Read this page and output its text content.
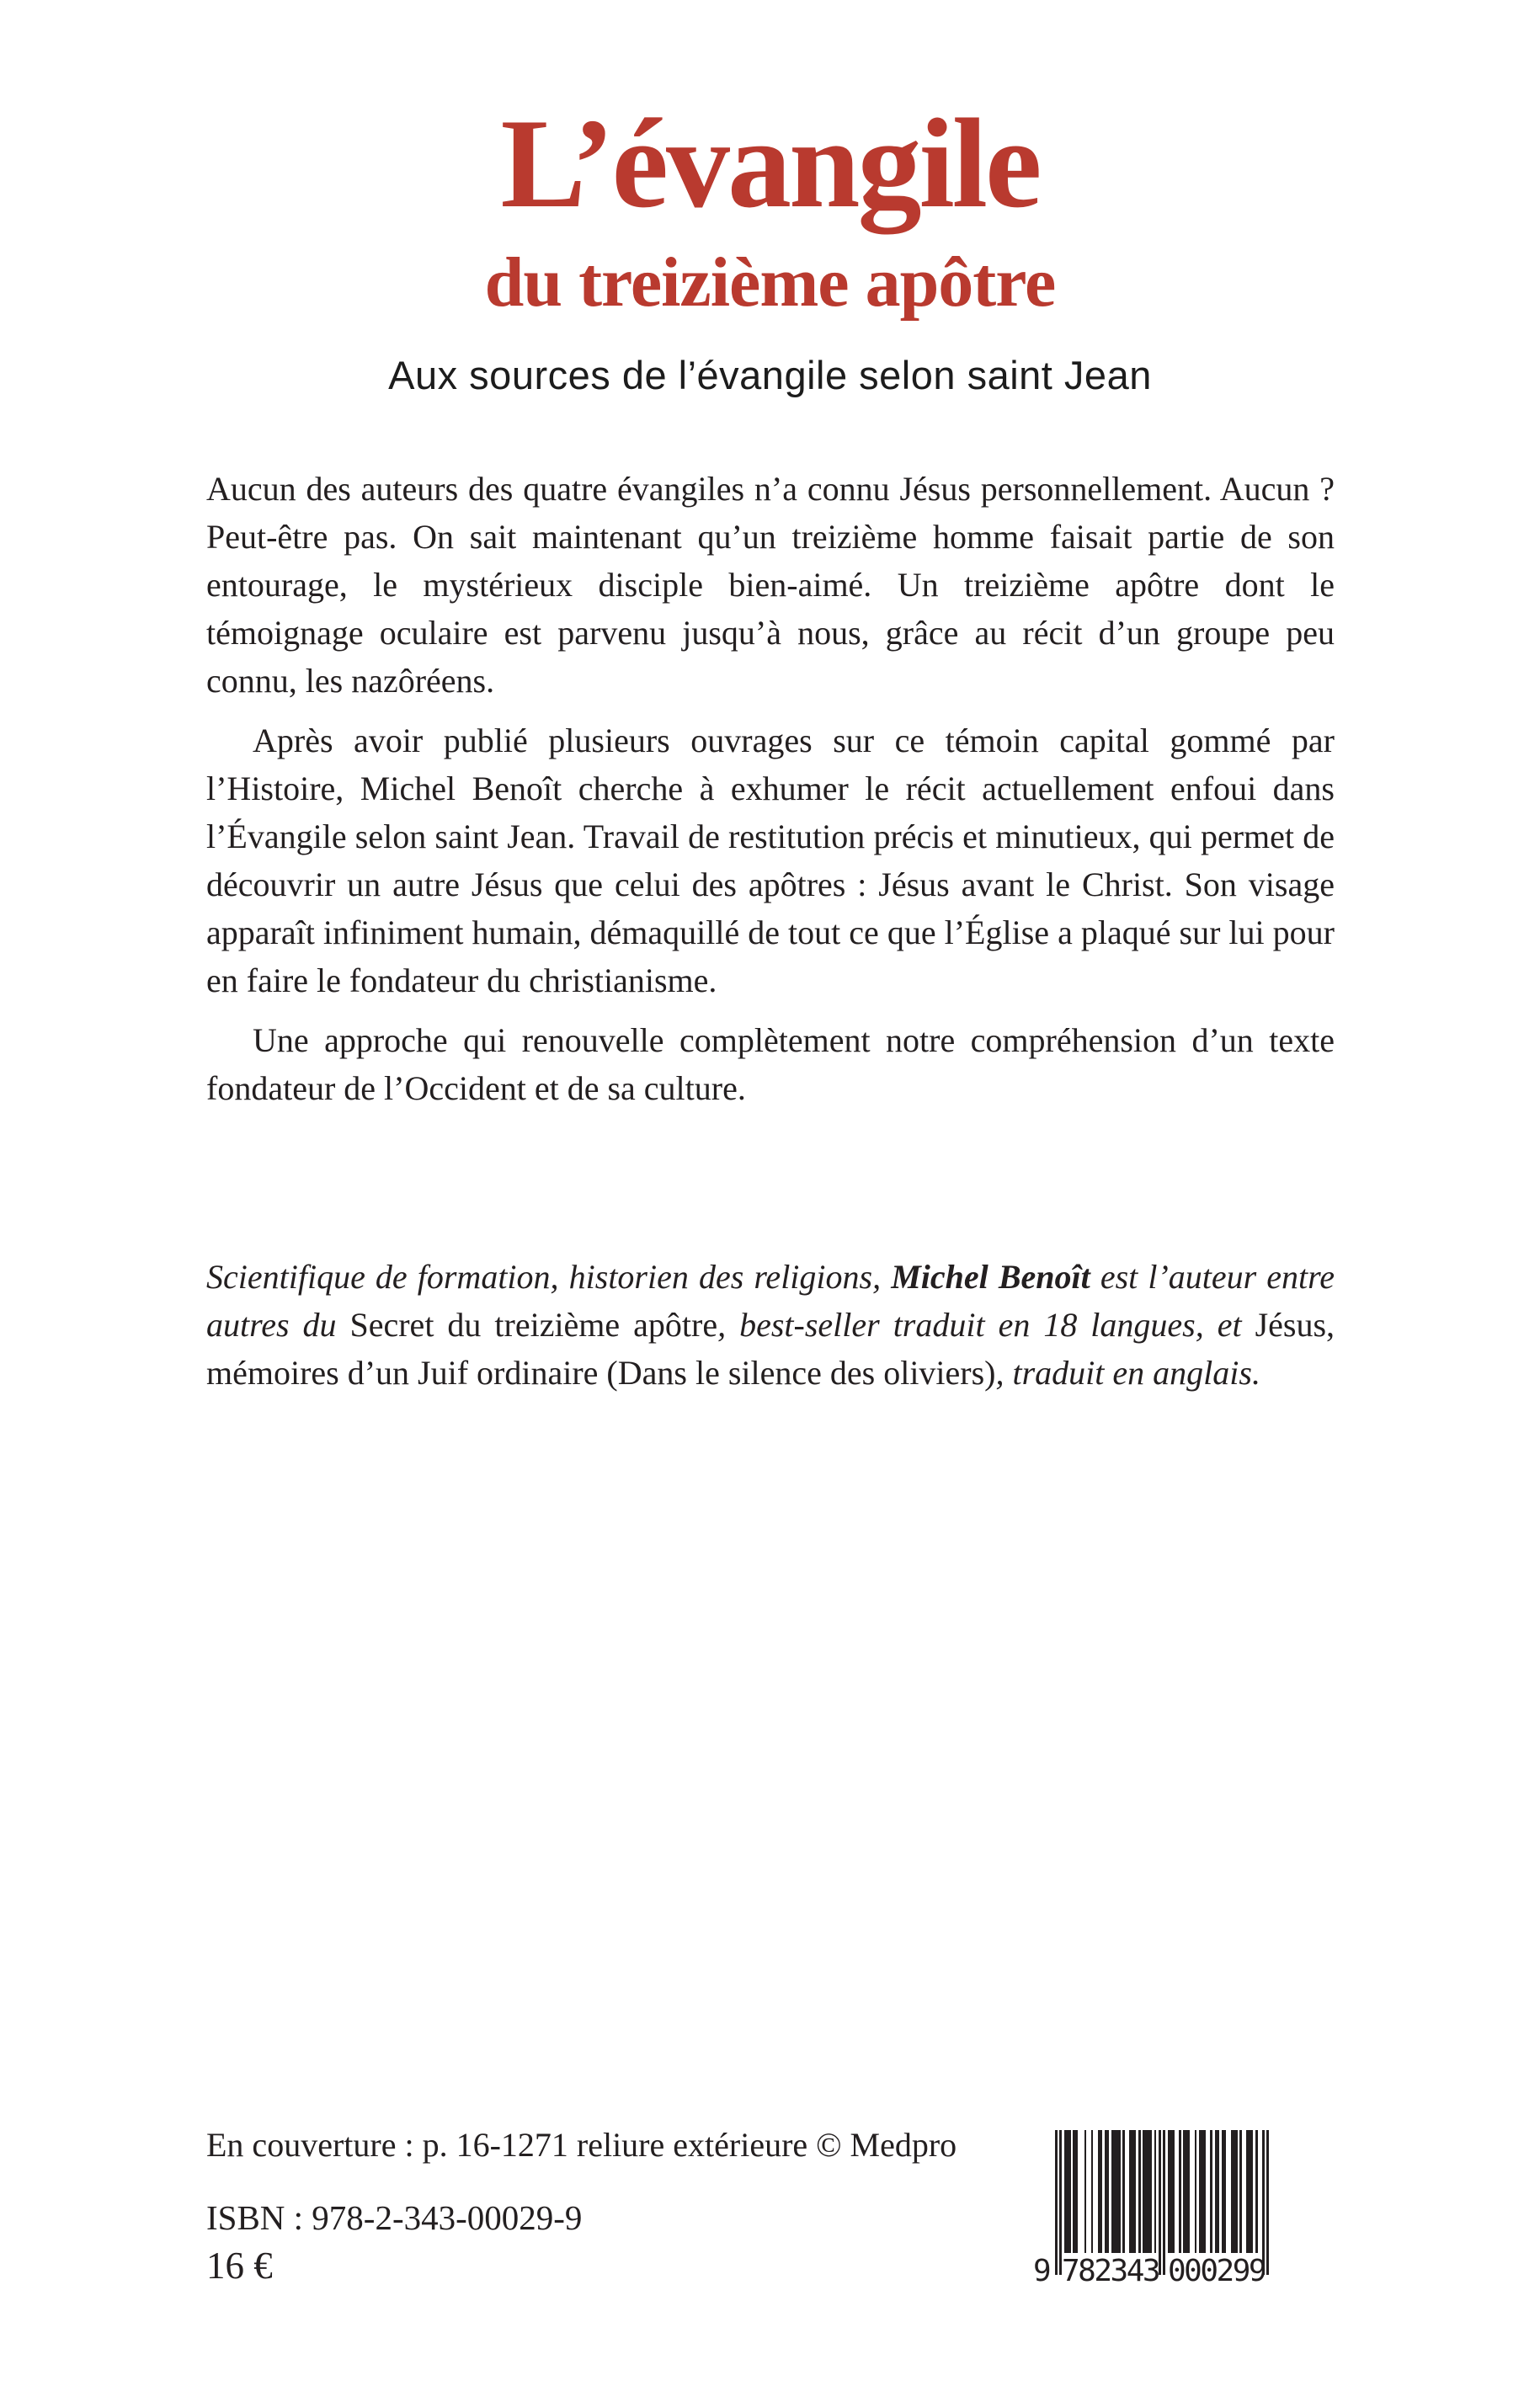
L’évangile
du treizième apôtre
Aux sources de l’évangile selon saint Jean

Aucun des auteurs des quatre évangiles n’a connu Jésus personnellement. Aucun ? Peut-être pas. On sait maintenant qu’un treizième homme faisait partie de son entourage, le mystérieux disciple bien-aimé. Un treizième apôtre dont le témoignage oculaire est parvenu jusqu’à nous, grâce au récit d’un groupe peu connu, les nazôréens.

Après avoir publié plusieurs ouvrages sur ce témoin capital gommé par l’Histoire, Michel Benoît cherche à exhumer le récit actuellement enfoui dans l’Évangile selon saint Jean. Travail de restitution précis et minutieux, qui permet de découvrir un autre Jésus que celui des apôtres : Jésus avant le Christ. Son visage apparaît infiniment humain, démaquillé de tout ce que l’Église a plaqué sur lui pour en faire le fondateur du christianisme.

Une approche qui renouvelle complètement notre compréhension d’un texte fondateur de l’Occident et de sa culture.

Scientifique de formation, historien des religions, Michel Benoît est l’auteur entre autres du Secret du treizième apôtre, best-seller traduit en 18 langues, et Jésus, mémoires d’un Juif ordinaire (Dans le silence des oliviers), traduit en anglais.
En couverture : p. 16-1271 reliure extérieure © Medpro
ISBN : 978-2-343-00029-9
16 €	9 782343 000299
